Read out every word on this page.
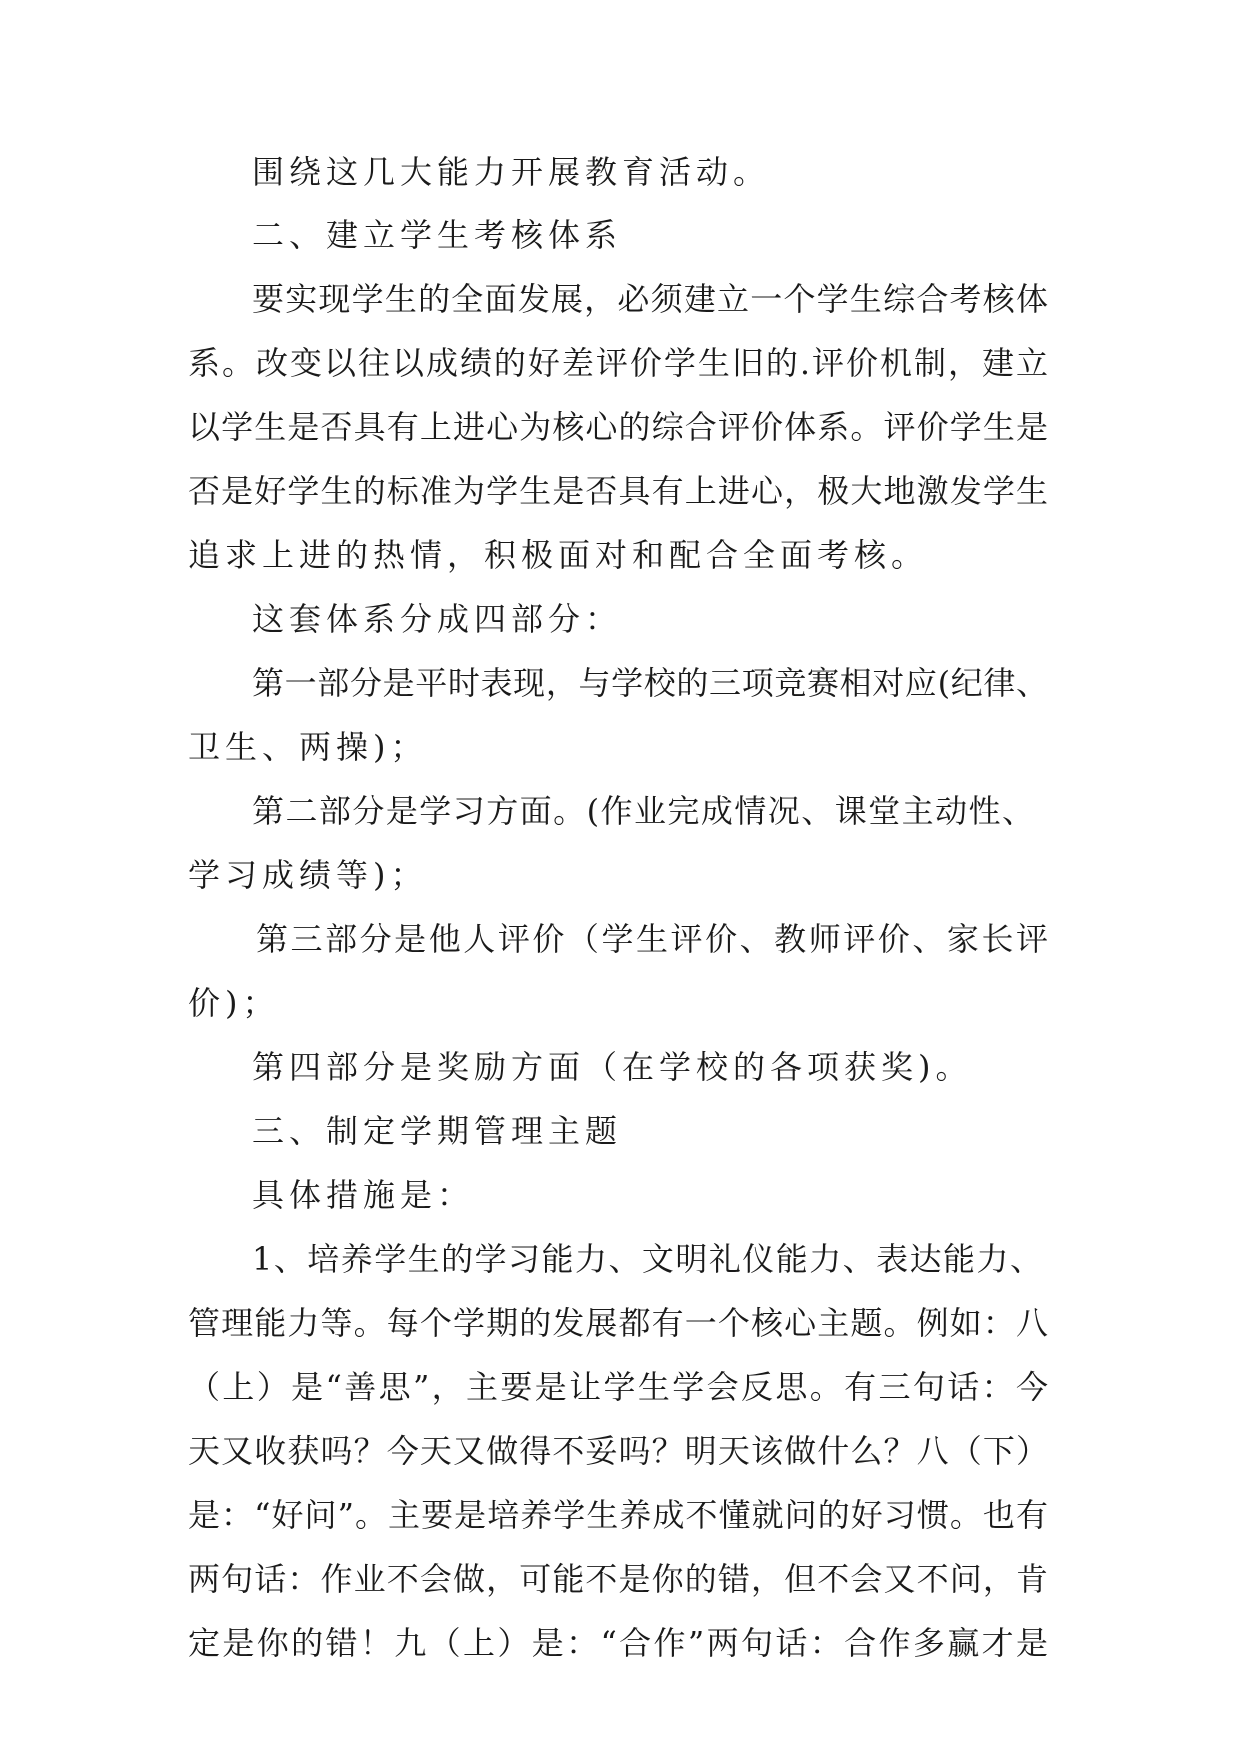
围绕这几大能力开展教育活动。

二、建立学生考核体系

要实现学生的全面发展，必须建立一个学生综合考核体

系。改变以往以成绩的好差评价学生旧的.评价机制，建立

以学生是否具有上进心为核心的综合评价体系。评价学生是

否是好学生的标准为学生是否具有上进心，极大地激发学生

追求上进的热情，积极面对和配合全面考核。

这套体系分成四部分：

第一部分是平时表现，与学校的三项竞赛相对应(纪律、

卫生、两操)；

第二部分是学习方面。(作业完成情况、课堂主动性、

学习成绩等)；

第三部分是他人评价（学生评价、教师评价、家长评

价)；

第四部分是奖励方面（在学校的各项获奖)。

三、制定学期管理主题

具体措施是：

1、培养学生的学习能力、文明礼仪能力、表达能力、

管理能力等。每个学期的发展都有一个核心主题。例如：八

（上）是“善思”，主要是让学生学会反思。有三句话：今

天又收获吗？今天又做得不妥吗？明天该做什么？八（下）

是：“好问”。主要是培养学生养成不懂就问的好习惯。也有

两句话：作业不会做，可能不是你的错，但不会又不问，肯

定是你的错！九（上）是：“合作”两句话：合作多赢才是
